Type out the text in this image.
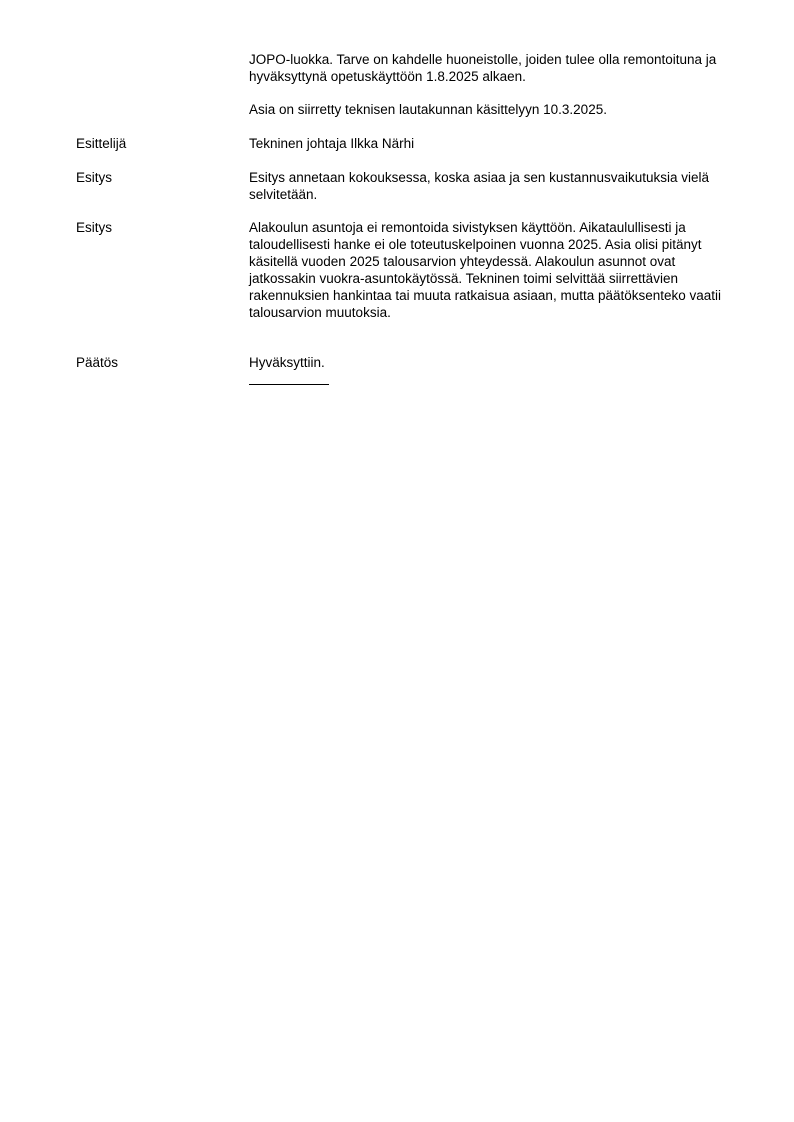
JOPO-luokka. Tarve on kahdelle huoneistolle, joiden tulee olla remontoituna ja hyväksyttynä opetuskäyttöön 1.8.2025 alkaen.

Asia on siirretty teknisen lautakunnan käsittelyyn 10.3.2025.

Esittelijä	Tekninen johtaja Ilkka Närhi
Esitys	Esitys annetaan kokouksessa, koska asiaa ja sen kustannusvaikutuksia vielä selvitetään.
Esitys	Alakoulun asuntoja ei remontoida sivistyksen käyttöön. Aikataulullisesti ja taloudellisesti hanke ei ole toteutuskelpoinen vuonna 2025. Asia olisi pitänyt käsitellä vuoden 2025 talousarvion yhteydessä. Alakoulun asunnot ovat jatkossakin vuokra-asuntokäytössä. Tekninen toimi selvittää siirrettävien rakennuksien hankintaa tai muuta ratkaisua asiaan, mutta päätöksenteko vaatii talousarvion muutoksia.
Päätös	Hyväksyttiin.
